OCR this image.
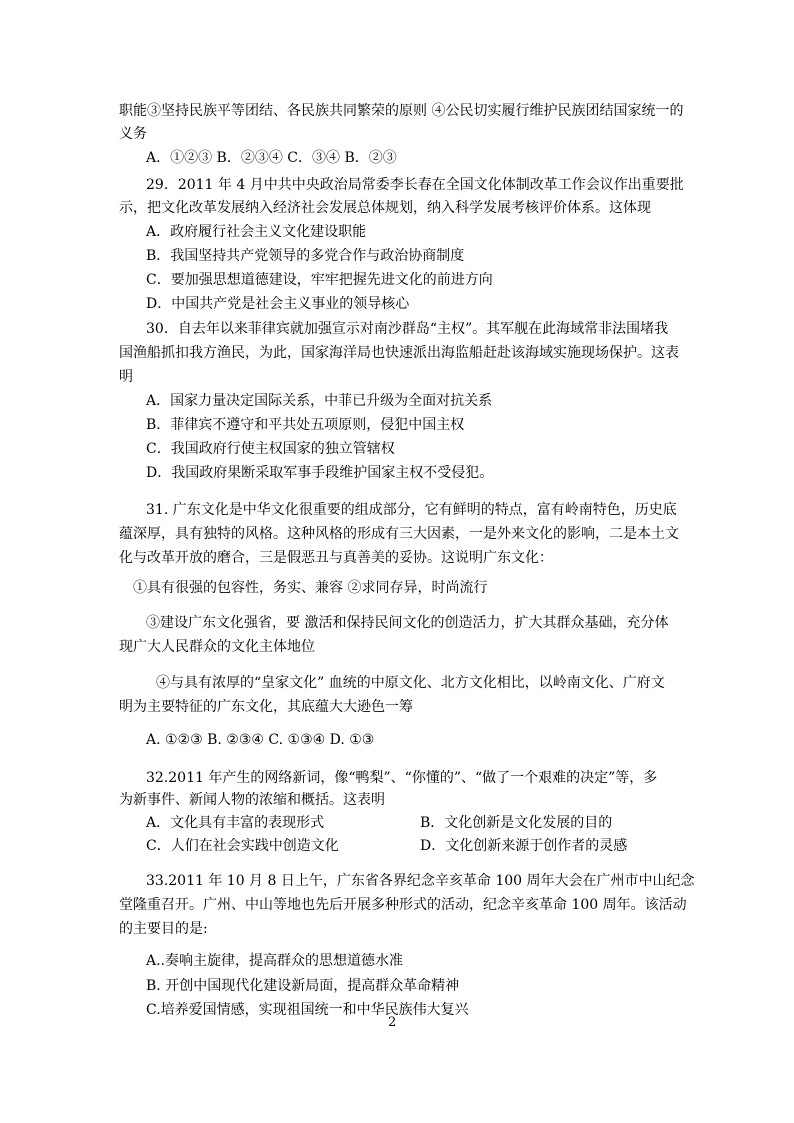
职能③坚持民族平等团结、各民族共同繁荣的原则 ④公民切实履行维护民族团结国家统一的
义务
A．①②③ B．②③④ C．③④ B．②③
29．2011 年 4 月中共中央政治局常委李长春在全国文化体制改革工作会议作出重要批
示，把文化改革发展纳入经济社会发展总体规划，纳入科学发展考核评价体系。这体现
A．政府履行社会主义文化建设职能
B．我国坚持共产党领导的多党合作与政治协商制度
C．要加强思想道德建设，牢牢把握先进文化的前进方向
D．中国共产党是社会主义事业的领导核心
30．自去年以来菲律宾就加强宣示对南沙群岛“主权”。其军舰在此海域常非法围堵我
国渔船抓扣我方渔民，为此，国家海洋局也快速派出海监船赶赴该海域实施现场保护。这表
明
A．国家力量决定国际关系，中菲已升级为全面对抗关系
B．菲律宾不遵守和平共处五项原则，侵犯中国主权
C．我国政府行使主权国家的独立管辖权
D．我国政府果断采取军事手段维护国家主权不受侵犯。
31. 广东文化是中华文化很重要的组成部分，它有鲜明的特点，富有岭南特色，历史底
蕴深厚，具有独特的风格。这种风格的形成有三大因素，一是外来文化的影响，二是本土文
化与改革开放的磨合，三是假恶丑与真善美的妥协。这说明广东文化：
①具有很强的包容性，务实、兼容 ②求同存异，时尚流行
③建设广东文化强省，要 激活和保持民间文化的创造活力，扩大其群众基础，充分体
现广大人民群众的文化主体地位
④与具有浓厚的“皇家文化” 血统的中原文化、北方文化相比，以岭南文化、广府文
明为主要特征的广东文化，其底蕴大大逊色一筹
A. ①②③ B. ②③④ C. ①③④ D. ①③
32.2011 年产生的网络新词，像“鸭梨”、“你懂的”、“做了一个艰难的决定”等，多
为新事件、新闻人物的浓缩和概括。这表明
A．文化具有丰富的表现形式	B．文化创新是文化发展的目的
C．人们在社会实践中创造文化	D．文化创新来源于创作者的灵感
33.2011 年 10 月 8 日上午，广东省各界纪念辛亥革命 100 周年大会在广州市中山纪念
堂隆重召开。广州、中山等地也先后开展多种形式的活动，纪念辛亥革命 100 周年。该活动
的主要目的是:
A..奏响主旋律，提高群众的思想道德水准
B. 开创中国现代化建设新局面，提高群众革命精神
C.培养爱国情感，实现祖国统一和中华民族伟大复兴
2
